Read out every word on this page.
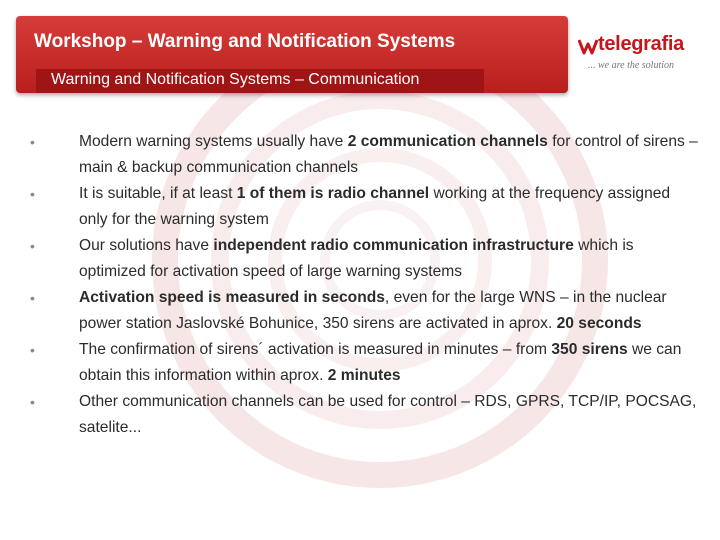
Workshop – Warning and Notification Systems
Warning and Notification Systems – Communication
telegrafia
... we are the solution
•	Modern warning systems usually have 2 communication channels for control of sirens – main & backup communication channels
•	It is suitable, if at least 1 of them is radio channel working at the frequency assigned only for the warning system
•	Our solutions have independent radio communication infrastructure which is optimized for activation speed of large warning systems
•	Activation speed is measured in seconds, even for the large WNS – in the nuclear power station Jaslovské Bohunice, 350 sirens are activated in aprox. 20 seconds
•	The confirmation of sirens´ activation is measured in minutes – from 350 sirens we can obtain this information within aprox. 2 minutes
•	Other communication channels can be used for control – RDS, GPRS, TCP/IP, POCSAG, satelite...
